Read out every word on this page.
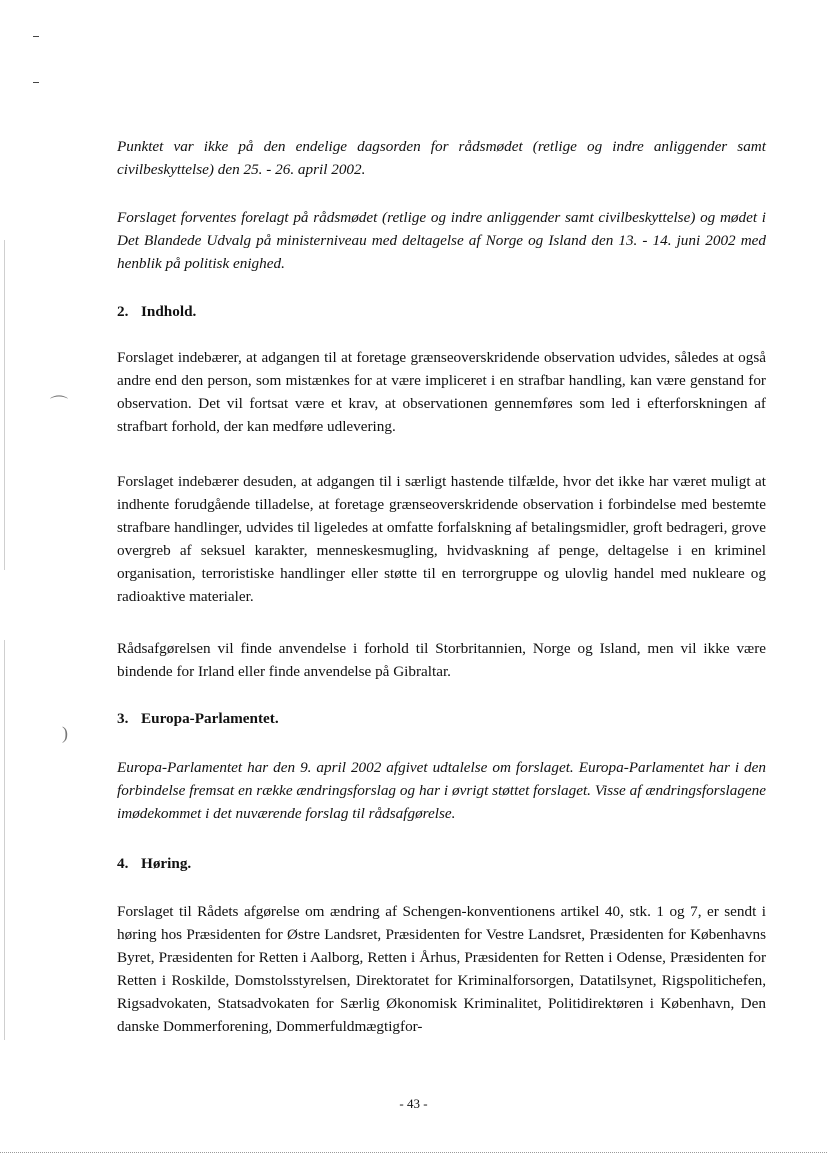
⌒
)

Punktet var ikke på den endelige dagsorden for rådsmødet (retlige og indre anliggender samt civilbeskyttelse) den 25. - 26. april 2002.

Forslaget forventes forelagt på rådsmødet (retlige og indre anliggender samt civilbeskyttelse) og mødet i Det Blandede Udvalg på ministerniveau med deltagelse af Norge og Island den 13. - 14. juni 2002 med henblik på politisk enighed.

2. Indhold.

Forslaget indebærer, at adgangen til at foretage grænseoverskridende observation udvides, således at også andre end den person, som mistænkes for at være impliceret i en strafbar handling, kan være genstand for observation. Det vil fortsat være et krav, at observationen gennemføres som led i efterforskningen af strafbart forhold, der kan medføre udlevering.

Forslaget indebærer desuden, at adgangen til i særligt hastende tilfælde, hvor det ikke har været muligt at indhente forudgående tilladelse, at foretage grænseoverskridende observation i forbindelse med bestemte strafbare handlinger, udvides til ligeledes at omfatte forfalskning af betalingsmidler, groft bedrageri, grove overgreb af seksuel karakter, menneskesmugling, hvidvaskning af penge, deltagelse i en kriminel organisation, terroristiske handlinger eller støtte til en terrorgruppe og ulovlig handel med nukleare og radioaktive materialer.

Rådsafgørelsen vil finde anvendelse i forhold til Storbritannien, Norge og Island, men vil ikke være bindende for Irland eller finde anvendelse på Gibraltar.

3. Europa-Parlamentet.

Europa-Parlamentet har den 9. april 2002 afgivet udtalelse om forslaget. Europa-Parlamentet har i den forbindelse fremsat en række ændringsforslag og har i øvrigt støttet forslaget. Visse af ændringsforslagene imødekommet i det nuværende forslag til rådsafgørelse.

4. Høring.

Forslaget til Rådets afgørelse om ændring af Schengen-konventionens artikel 40, stk. 1 og 7, er sendt i høring hos Præsidenten for Østre Landsret, Præsidenten for Vestre Landsret, Præsidenten for Københavns Byret, Præsidenten for Retten i Aalborg, Retten i Århus, Præsidenten for Retten i Odense, Præsidenten for Retten i Roskilde, Domstolsstyrelsen, Direktoratet for Kriminalforsorgen, Datatilsynet, Rigspolitichefen, Rigsadvokaten, Statsadvokaten for Særlig Økonomisk Kriminalitet, Politidirektøren i København, Den danske Dommerforening, Dommerfuldmægtigfor-

- 43 -
